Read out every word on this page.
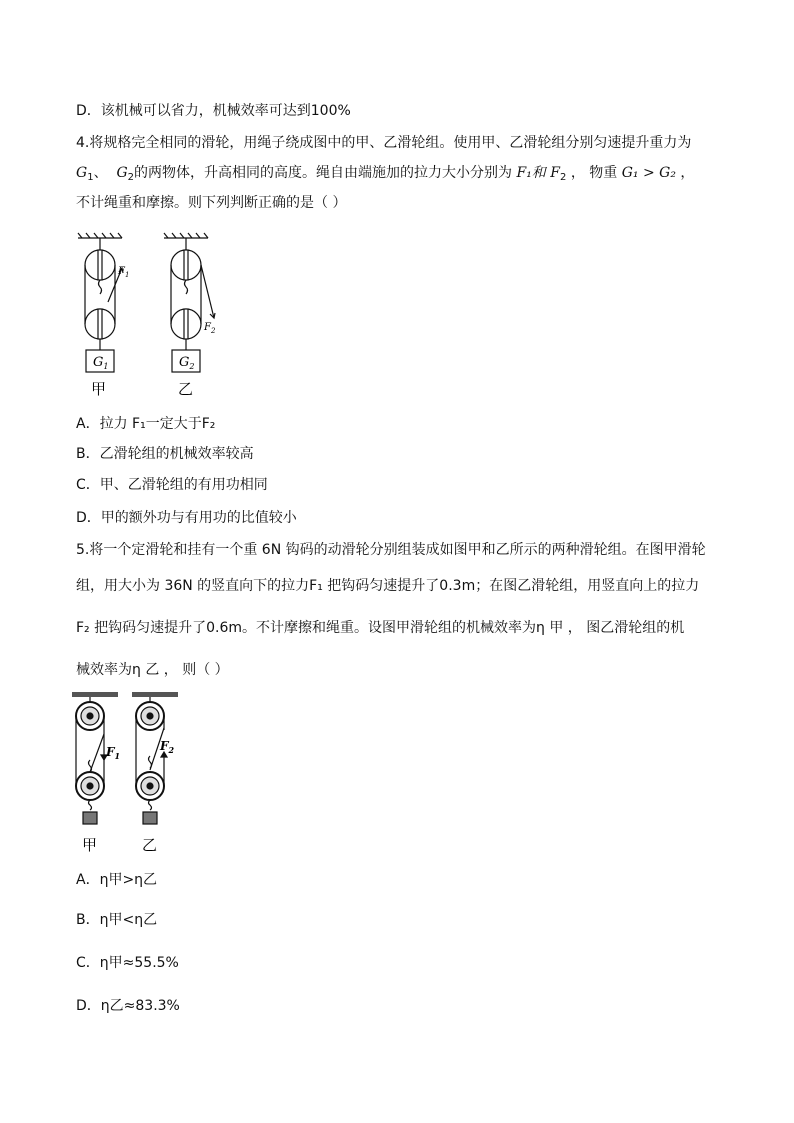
D．该机械可以省力，机械效率可达到100%
4.将规格完全相同的滑轮，用绳子绕成图中的甲、乙滑轮组。使用甲、乙滑轮组分别匀速提升重力为
$G_1$、 $G_2$的两物体，升高相同的高度。绳自由端施加的拉力大小分别为 F₁和 $F_2$ ， 物重 G₁ > G₂ ，
不计绳重和摩擦。则下列判断正确的是（ ）
$F_1$
$G_1$
甲
$F_2$
$G_2$
乙
A．拉力 F₁一定大于F₂
B．乙滑轮组的机械效率较高
C．甲、乙滑轮组的有用功相同
D．甲的额外功与有用功的比值较小
5.将一个定滑轮和挂有一个重 6N 钩码的动滑轮分别组装成如图甲和乙所示的两种滑轮组。在图甲滑轮
组，用大小为 36N 的竖直向下的拉力F₁ 把钩码匀速提升了0.3m；在图乙滑轮组，用竖直向上的拉力
F₂ 把钩码匀速提升了0.6m。不计摩擦和绳重。设图甲滑轮组的机械效率为η 甲 ， 图乙滑轮组的机
械效率为η 乙 ， 则（ ）
$F_1$
甲
$F_2$
乙
A．η甲>η乙
B．η甲<η乙
C．η甲≈55.5%
D．η乙≈83.3%
